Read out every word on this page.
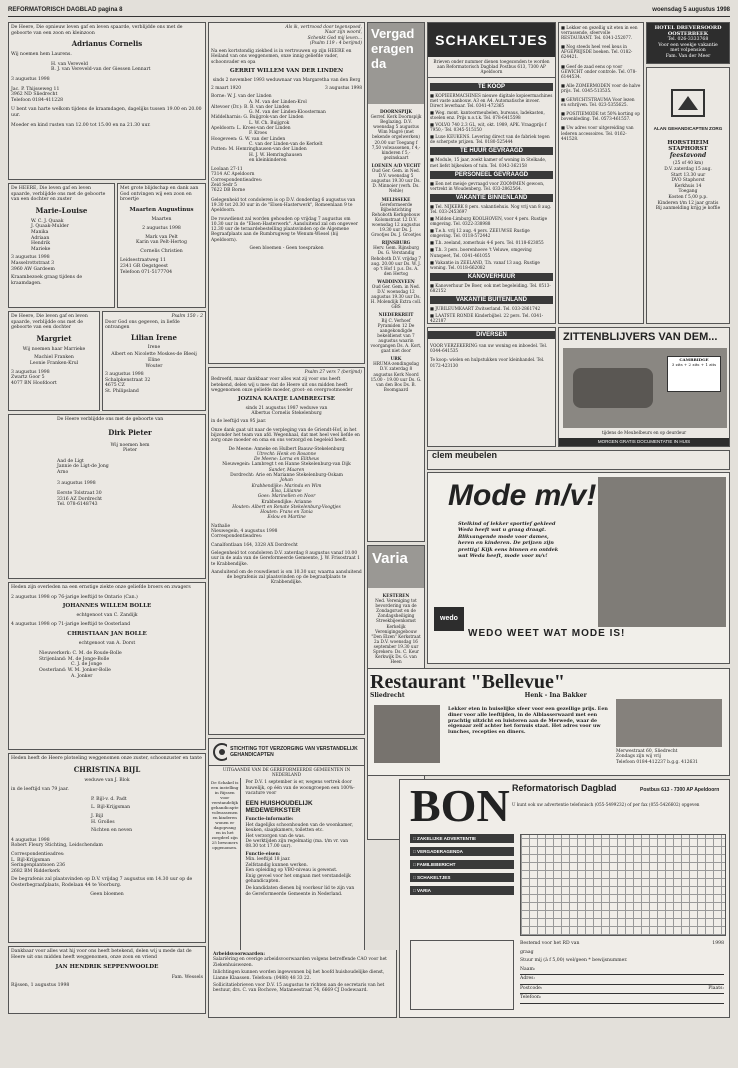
REFORMATORISCH DAGBLAD pagina 8	woensdag 5 augustus 1998

De Heere, Die opnieuw leven gaf en leven spaarde, verblijdde ons met de geboorte van een zoon en kleinzoon

Adrianus Cornelis

Wij noemen hem Laurens.

H. van Vereveld

B. J. van Vereveld-van der Giessen Lennart

3 augustus 1998

Jac. P. Thijsseweg 11

3962 ND Sliedrecht

Telefoon 0184-411228

U bent van harte welkom tijdens de kraamdagen, dagelijks tussen 19.00 en 20.00 uur.

Moeder en kind rusten van 12.00 tot 15.00 en na 21.30 uur.

De HEERE, Die leven gaf en leven spaarde, verblijdde ons met de geboorte van een dochter en zuster

Marie-Louise

W. C. J. Quaak

J. Quaak-Mulder

Manika

Adriaan

Hendrik

Marieke

3 augustus 1998

Masselrottstraat 3

3960 AW Gardeem

Kraambezoek graag tijdens de kraamdagen.

Met grote blijdschap en dank aan God ontvingen wij een zoon en broertje

Maarten Augustinus

Maarten

2 augustus 1998

Mark van Pelt

Karin van Pelt-Hertog

Cornelis Christien

Leidsestraatweg 11

2341 GR Oegstgeest

Telefoon 071-5177704

De Heere, Die leven gaf en leven spaarde, verblijdde ons met de geboorte van een dochter

Margriet

Wij noemen haar Marrieke

Machiel Franken

Leonie Franken-Krul

3 augustus 1998

Zwartz Goor 5

4077 BN Hoofdoort

Psalm 150 : 2

Door God ons gegeven, in liefde ontvangen

Lilian Irene

Irene

Albert en Nicolette Moskes-de Bleeij

Eline

Wouter

3 augustus 1998

Schalpkenstraat 32

4675 CZ

St. Philipsland

De Heere verblijdde ons met de geboorte van

Dirk Pieter

Wij noemen hem

Pieter

Aad de Ligt

Jannie de Ligt-de Jong

Arno

3 augustus 1998

Eerste Tolstraat 30

3316 AZ Dordrecht

Tel. 078-6148743

Heden zijn overleden na een ernstige ziekte onze geliefde broers en zwagers

2 augustus 1998 op 76-jarige leeftijd te Ontario (Can.)

JOHANNES WILLEM BOLLE

echtgenoot van C. Zandijk

4 augustus 1998 op 71-jarige leeftijd te Oosterland

CHRISTIAAN JAN BOLLE

echtgenoot van A. Dorst

Nieuwerkerk: C. M. de Roude-Bolle

Strijenland: M. de Jonge-Bolle

C. J. de Jonge

Oosterland: W. M. Jonker-Bolle

A. Jonker

Heden heeft de Heere plotseling weggenomen onze zuster, schoonzuster en tante

CHRISTINA BIJL

weduwe van J. Blok

in de leeftijd van 79 jaar.

P. Bijl-v. d. Padt

L. Bijl-Krijgsman

J. Bijl

H. Grolles

Nichten en neven

4 augustus 1998

Robert Fleury Stichting, Leidschendam

Correspondentieadres:

L. Bijl-Krijgsman

Seringenplantsoen 236

2682 BM Ridderkerk

De begrafenis zal plaatsvinden op D.V. vrijdag 7 augustus om 14.30 uur op de Oosterbegraafplaats, Rodelaan 44 te Voorburg.

Geen bloemen

Dankbaar voor alles wat hij voor ons heeft betekend, delen wij u mede dat de Heere uit ons midden heeft weggenomen, onze zoon en vriend

JAN HENDRIK SEPPENWOOLDE

Fam. Wessels

Rijssen, 1 augustus 1998

Als ik, vertroosd door tegenspoed,

Naar zijn woord,

Schenkt God mij leven...

(Psalm 119 : 4 berijmd)

Na een kortstondig ziekbed is in vertrouwen op zijn HEERE en Heiland van ons weggenomen, onze innig geliefde vader, schoonvader en opa

GERRIT WILLEM VAN DER LINDEN

sinds 2 november 1993 weduwnaar van Margaretha van den Berg

2 maart 1920	3 augustus 1998

Borne: W. J. van der Linden

A. M. van der Linden-Krol

Altevoer (Dr.): B. B. van der Linden

G. M. van der Linden-Kloosterman

Middelharnis: G. Buijgrok-van der Linden

L. W. Ch. Buijgrok

Apeldoorn: L. Kroes-van der Linden

F. Kroes

Hoogeveen: G. W. van der Linden

C. van der Linden-van de Kerkelt

Putten: M. Hemringhausen-van der Linden

H. J. W. Hemringhausen

en kleinkinderen

Loolaan 27-11

7314 AC Apeldoorn

Correspondentieadres:

Zeid Sedr 5

7622 DB Borne

Gelegenheid tot condoleren is op D.V. donderdag 6 augustus van 19.30 tot 20.30 uur in de "Elsen-Hasterwerk", Romeenlaan 9 te Apeldoorn.

De rouwdienst zal worden gehouden op vrijdag 7 augustus om 10.30 uur in de "Elsen-Hasterwerk". Aansluitend zal om ongeveer 12.30 uur de teraardebestelling plaatsvinden op de Algemene Begraafplaats aan de Rumbrugweg te Wenum-Wiesel (bij Apeldoorn).

Geen bloemen - Geen toespraken

Psalm 27 vers 7 (berijmd)

Bedroefd, maar dankbaar voor alles wat zij voor ons heeft betekend, delen wij u mee dat de Heere uit ons midden heeft weggenomen onze geliefde moeder, groot- en overgrootmoeder

JOZINA KAATJE LAMBREGTSE

sinds 21 augustus 1987 weduwe van

Albertus Cornelis Stekelenburg

in de leeftijd van 95 jaar.

Onze dank gaat uit naar de verpleging van de Griendt-Hof, in het bijzonder het team van afd. Wegenhaal, dat met heel veel liefde en zorg onze moeder en oma en ons verzorgd en begeleid heeft.

De Meene: Anneke en Hulbert Baauw-Stekelenburg

Utrecht: Henk en Rosanne

De Meene: Lorna en Elitheus

Nieuwegein: Lambregt t en Hanne Stekelenburg-van Dijk

Sander, Maaren

Dordrecht: Arie en Marianne Stekelenburg-Oskam

Johan

Krabbendijke: Marinda en Wim

Elsa, Lilianne

Goes: Marinellen en Noor

Krabbendijke: Arianne

Houten: Albert en Renate Stekelenburg-Voogtjes

Houten: Frans en Tania

Eslou en Martine

Nathalie

Nieuwegein, 4 augustus 1998

Correspondentieadres:

Canalfontlaan 164, 3328 AX Dordrecht

Gelegenheid tot condoleren D.V. zaterdag 8 augustus vanaf 10.00 uur in de aula van de Gereformeerde Gemeente, J. W. Frisostraat 1 te Krabbendijke.

Aansluitend om de rouwdienst is om 10.30 uur, waarna aansluitend de begrafenis zal plaatsvinden op de begraafplaats te Krabbendijke.

Vergaderagenda

DOORNSPIJK

Gerref. Kerk Doornspijk Beglazing. D.V. woensdag 5 augustus Wim Magré (met bekende orgelwerken) 20.00 uur Toegang f 7,50 volwassenen, f 4,- kinderen f 5,- gezinskaart

LOENEN A/D VECHT

Oud Ger. Gem. in Ned. D.V. woensdag 5 augustus 19.30 uur Ds. D. Minnoier (verh. Ds. Nehle)

MELISSEKE

Gereformeerde Bijbelstichting Rehoboth Kerkgebouw Kolomstraat 12 D.V. woensdag 12 augustus 19.30 uur Ds. J. Grootjes Ds. J. Grootjes

RIJNSBURG

Herv. Gem. Rijnsburg Ds. G. Verstandig Rehoboth D.V. vrijdag 7 aug. 20.00 uur Ds. W. J. op 't Hof 1 p.s. Ds. A. den Hertog

WADDINXVEEN

Oud Ger. Gem. in Ned. D.V. woensdag 12 augustus 19.30 uur Ds. H. Molendijk Extra coll. GBS

NIEDERKREIT

Bij C. Verhoef Pyramiden 12 De aangekondigde bekeldienst van 7 augustus waarin voorgangen Ds. A. Kort, gaat niet door

URK

HRUMA-zendingsdag D.V. zaterdag 8 augustus Kerk Noord 15.00 - 19.00 uur Ds. G. van den Bos Ds. B. Boomgaard

Varia

KESTEREN

Ned. Vereniging tot bevordering van de Zondagsrust en de Zondagsheiliging Streekbijeenkomst Kerkelijk Verenigingsgebouw "Den Elzen" Kerkstraat 2a D.V. woensdag 16 september 19.30 uur Sprekers: Ds. C. Keur Kerkwijk Ds. G. van Heen

SCHAKELTJES
Brieven onder nummer dienen toegezonden te worden aan Reformatorisch Dagblad Postbus 613, 7300 AP Apeldoorn
TE KOOP

■ KOPIEERMACHINES nieuwe digitale kopieermachines met vaste aanbouw. A3 en A4. Automatische invoer. Direct leverbaar. Tel. 0341-472365

■ Weg. mont. kantoormeubelen, bureaus, ladekasten, stoelen enz. Prijs n.o.t.k. Tel. 078-6415598

■ VOLVO 740 2.3 GL, wit, okt. 1989, APK. Vraagprijs f 7950,- Tel. 0345-515150

■ Luxe KEUKENS. Levering direct van de fabriek tegen de scherpste prijzen. Tel. 0180-525444

TE HUUR GEVRAAGD

■ Module, 15 jaar, zoekt kamer of woning in Stelkade, met liefst bijkeuken of tuin. Tel. 0342-362158

PERSONEEL GEVRAAGD

■ Een net meisje gevraagd voor ZOOMMEN gewoon, vertrekt in Woudenberg. Tel. 033-2862564.

VAKANTIE BINNENLAND

■ Tel. NIJKERK 8 pers. vakantiehuis. Nog vrij van 8 aug. Tel. 033-2453697

■ Midden-Limburg KOOLHOVEN, voor 4 pers. Rustige omgeving. Tel. 0322-338988

■ T.e.h. vrij 12 aug. 4 pers. ZEEUWSE Rustige omgeving. Tel. 0118-572442

■ T.h. zeeland, zomerhuis 4-6 pers. Tel. 0118-623055

■ T.h. 3 pers. boerenhoeve 't Veluwe, omgeving Nunspeet, Tel. 0341-461055

■ Vakantie in ZEELAND, T.h. vanaf 13 aug. Rustige woning. Tel. 0118-662082

KANOVERHUUR

■ Kanoverhuur De Boer, ook met begeleiding. Tel. 0513-682152

VAKANTIE BUITENLAND

■ JUBILEUMKAART Zwitserland. Tel. 033-2861742

■ LAATSTE RONDE Kinderbijbel. 22 pers. Tel. 0341-422187

■ Lekker en gezellig uit eten in een verrassende, sfeervolle RESTAURANT. Tel. 0341-252077.

■ Nog steeds heel veel keus in AFGEPRIJSDE boeken. Tel. 0182-624421.

■ Geef de zaad eens op voor GEWICHT onder controle. Tel. 078-6144534.

■ Alle ZOMERMODEN voor de halve prijs. Tel. 0345-513535.

■ GEWICHTSTRAUMA Voor lezen en schrijven. Tel. 023-5355625.

■ POSITIEMODE tot 50% korting op bovenkleding. Tel. 0573-461557.

■ Uw adres voor uitgereiding van lederen accessoires. Tel. 0162-441528.

HOTEL DREVERSOORD OOSTERBEEK

Tel. 026-3333768

Voor een weekje vakantie

met volpension

Fam. Van der Meer

ALAN GEHANDICAPTEN ZORG

HORSTHEIM STAPHORST

feestavond

(25 of 40 km)

D.V. zaterdag 15 aug.

Start 13.30 uur

DVO Staphorst

Kerkhuis 14

Toegang

Kosten f 5,00 p.p.

Kinderen t/m 12 jaar gratis

Bij aanmelding krijg je koffie

ZITTENBLIJVERS VAN DEM...

CAMBRIDGE

3 zits + 2 zits + 1 zits

tijdens de Meubelbeurs en op deurdeur

MORGEN GRATIS DOCUMENTATIE IN HUIS
DIVERSEN

VOOR VERZEKERING van uw woning en inboedel. Tel. 0344-641535

Te koop: wielen en hulpstukken voor kleinhandel. Tel. 0172-423130

clem meubelen

Mode m/v!

Stelkind of lekker sportief gekleed

Weda heeft wat u graag draagt.

Blikvangende mode voor dames,

heren en kinderen. De prijzen zijn

prettig! Kijk eens binnen en ontdek

wat Weda heeft, mode voor m/v!

wedo

WEDO WEET WAT MODE IS!

Restaurant "Bellevue"

Sliedrecht	Henk - Ina Bakker

Lekker eten in huiselijke sfeer voor een gezellige prijs. Een diner voor alle leeftijden, in de Alblasserwaard met een prachtig uitzicht en luisteren aan de Merwede, waar de eigenaar zelf achter het fornuis staat. Het adres voor uw lunches, recepties en diners.

Merwestraat 60, Sliedrecht

Zondags zijn wij vrij

Telefoon 0184-412237 b.g.g. 412631

STICHTING TOT VERZORGING VAN VERSTANDELIJK GEHANDICAPTEN

UITGAANDE VAN DE GEREFORMEERDE GEMEENTEN IN NEDERLAND

De Schakel is een instelling in Rijssen voor verstandelijk gehandicapte volwassenen en kinderen wonen er dagopvang en in het zorgdeel zijn 25 bewoners opgenomen.

Per D.V. 1 september is er, wegens vertrek door huwelijk, op één van de woongroepen een 100%-vacature voor

EEN HUISHOUDELIJK MEDEWERKSTER

Functie-informatie:

Het dagelijks schoonhouden van de woonkamer, keuken, slaapkamers, toiletten etc.

Het verzorgen van de was.

De werktijden zijn regelmatig (ma. t/m vr. van 08.30 tot 17.00 uur).

Functie-eisen:

Min. leeftijd 18 jaar.

Zelfstandig kunnen werken.

Een opleiding op VBO-niveau is gewenst.

Enig gevoel voor het omgaan met verstandelijk gehandicapten.

De kandidaten dienen bij voorkeur lid te zijn van de Gereformeerde Gemeente in Nederland.

Arbeidsvoorwaarden:

Salariëring en overige arbeidsvoorwaarden volgens betreffende CAO voor het Ziekenhuiswezen.

Inlichtingen kunnen worden ingewonnen bij het hoofd huishoudelijke dienst, Lianne Klaassen. Telefoon: (0488) 48 33 22.

Sollicitatiebrieven voor D.V. 15 augustus te richten aan de secretaris van het bestuur, drs. C. van Bochove, Mataneestraat 74, 6669 CJ Dodewaard.

BON Reformatorisch Dagblad	Postbus 613 - 7300 AP Apeldoorn

U kunt ook uw advertentie telefonisch (055-5499232) of per fax (055-5426602) opgeven

□ ZAKELIJKE ADVERTENTIE
□ VERGADERAGENDA
□ FAMILIEBERICHT
□ SCHAKELTJES
□ VARIA

Bestemd voor het RD van	1998

graag

Stuur mij (à f 5,00) wel/geen * bewijsnummer.

Naam:

Adres:

Postcode:	Plaats:

Telefoon:
